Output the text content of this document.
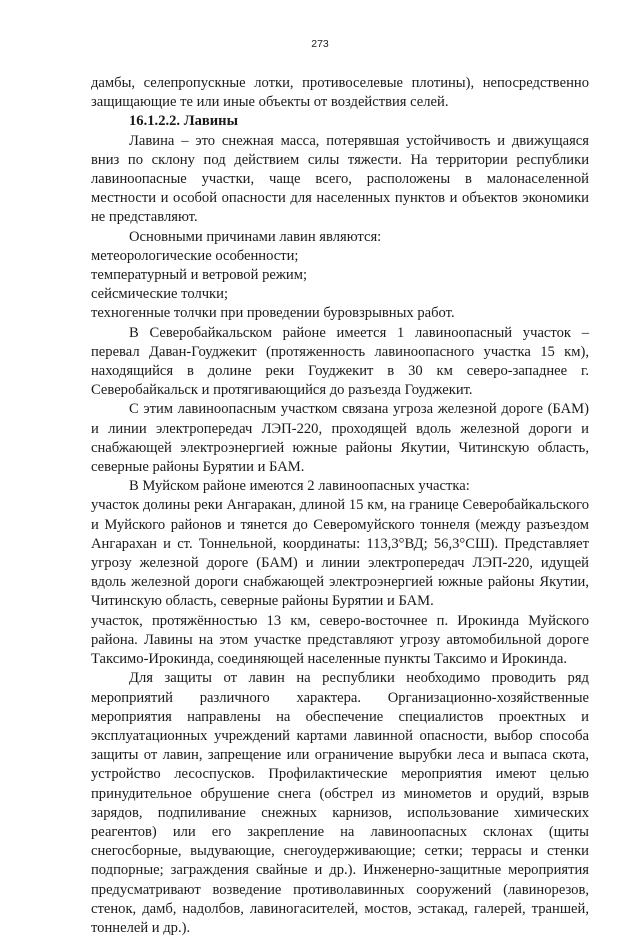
273

дамбы, селепропускные лотки, противоселевые плотины), непосредственно защищающие те или иные объекты от воздействия селей.

16.1.2.2. Лавины

Лавина – это снежная масса, потерявшая устойчивость и движущаяся вниз по склону под действием силы тяжести. На территории республики лавиноопасные участки, чаще всего, расположены в малонаселенной местности и особой опасности для населенных пунктов и объектов экономики не представляют.

Основными причинами лавин являются:

метеорологические особенности;

температурный и ветровой режим;

сейсмические толчки;

техногенные толчки при проведении буровзрывных работ.

В Северобайкальском районе имеется 1 лавиноопасный участок – перевал Даван-Гоуджекит (протяженность лавиноопасного участка 15 км), находящийся в долине реки Гоуджекит в 30 км северо-западнее г. Северобайкальск и протягивающийся до разъезда Гоуджекит.

С этим лавиноопасным участком связана угроза железной дороге (БАМ) и линии электропередач ЛЭП-220, проходящей вдоль железной дороги и снабжающей электроэнергией южные районы Якутии, Читинскую область, северные районы Бурятии и БАМ.

В Муйском районе имеются 2 лавиноопасных участка:

участок долины реки Ангаракан, длиной 15 км, на границе Северобайкальского и Муйского районов и тянется до Северомуйского тоннеля (между разъездом Ангарахан и ст. Тоннельной, координаты: 113,3°ВД; 56,3°СШ). Представляет угрозу железной дороге (БАМ) и линии электропередач ЛЭП-220, идущей вдоль железной дороги снабжающей электроэнергией южные районы Якутии, Читинскую область, северные районы Бурятии и БАМ.

участок, протяжённостью 13 км, северо-восточнее п. Ирокинда Муйского района. Лавины на этом участке представляют угрозу автомобильной дороге Таксимо-Ирокинда, соединяющей населенные пункты Таксимо и Ирокинда.

Для защиты от лавин на республики необходимо проводить ряд мероприятий различного характера. Организационно-хозяйственные мероприятия направлены на обеспечение специалистов проектных и эксплуатационных учреждений картами лавинной опасности, выбор способа защиты от лавин, запрещение или ограничение вырубки леса и выпаса скота, устройство лесоспусков. Профилактические мероприятия имеют целью принудительное обрушение снега (обстрел из минометов и орудий, взрыв зарядов, подпиливание снежных карнизов, использование химических реагентов) или его закрепление на лавиноопасных склонах (щиты снегосборные, выдувающие, снегоудерживающие; сетки; террасы и стенки подпорные; заграждения свайные и др.). Инженерно-защитные мероприятия предусматривают возведение противолавинных сооружений (лавинорезов, стенок, дамб, надолбов, лавиногасителей, мостов, эстакад, галерей, траншей, тоннелей и др.).
